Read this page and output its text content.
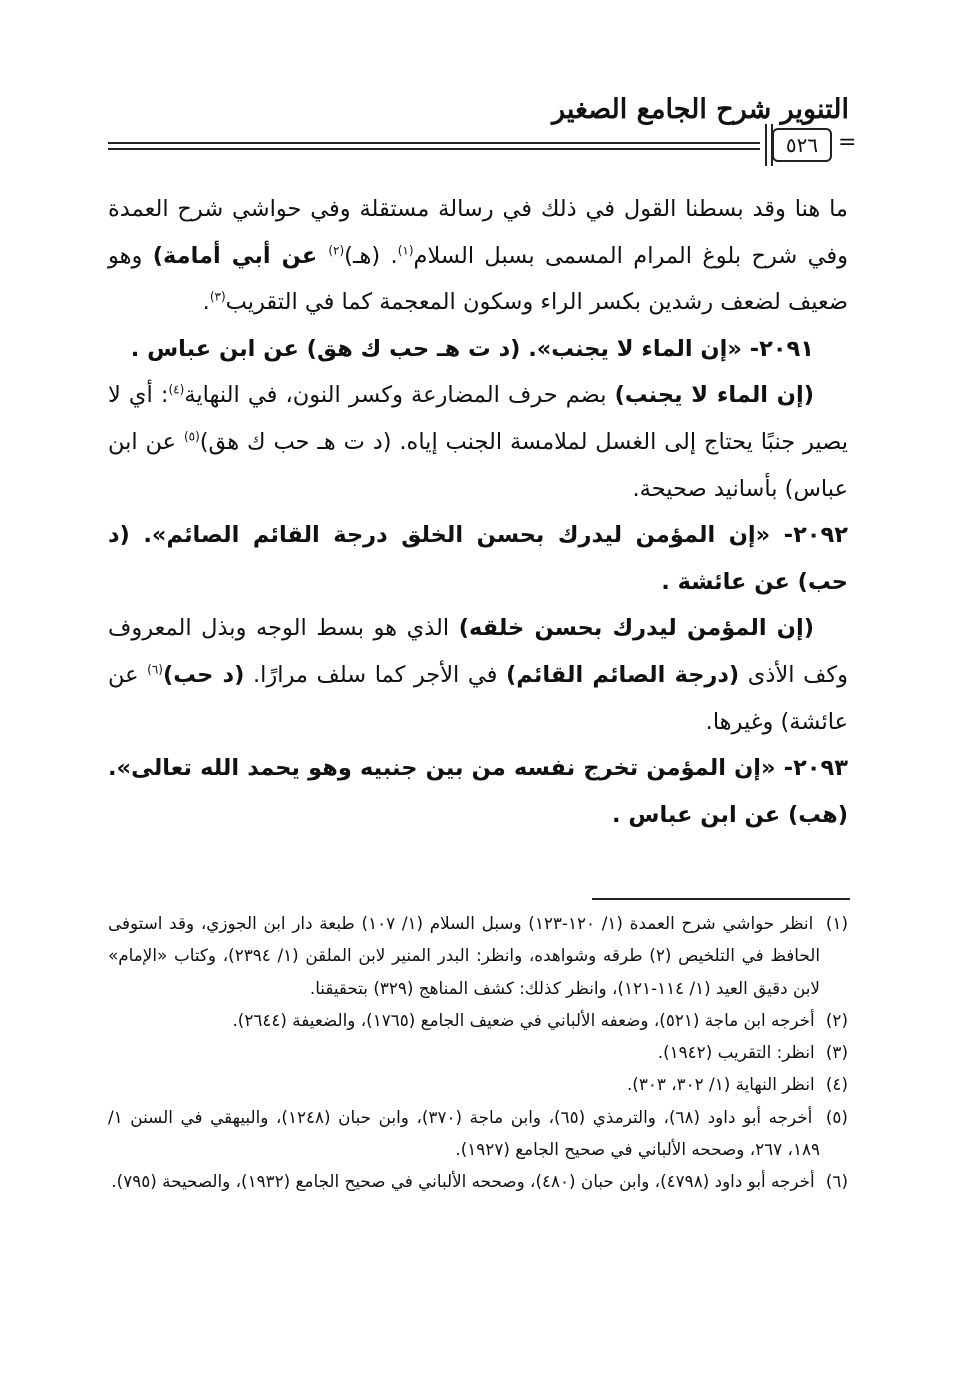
التنوير شرح الجامع الصغير
٥٢٦ =

ما هنا وقد بسطنا القول في ذلك في رسالة مستقلة وفي حواشي شرح العمدة وفي شرح بلوغ المرام المسمى بسبل السلام$^{(١)}$. (هـ)$^{(٢)}$ عن أبي أمامة) وهو ضعيف لضعف رشدين بكسر الراء وسكون المعجمة كما في التقريب$^{(٣)}$.

٢٠٩١- «إن الماء لا يجنب». (د ت هـ حب ك هق) عن ابن عباس .

(إن الماء لا يجنب) بضم حرف المضارعة وكسر النون، في النهاية$^{(٤)}$: أي لا يصير جنبًا يحتاج إلى الغسل لملامسة الجنب إياه. (د ت هـ حب ك هق)$^{(٥)}$ عن ابن عباس) بأسانيد صحيحة.

٢٠٩٢- «إن المؤمن ليدرك بحسن الخلق درجة القائم الصائم». (د حب) عن عائشة .

(إن المؤمن ليدرك بحسن خلقه) الذي هو بسط الوجه وبذل المعروف وكف الأذى (درجة الصائم القائم) في الأجر كما سلف مرارًا. (د حب)$^{(٦)}$ عن عائشة) وغيرها.

٢٠٩٣- «إن المؤمن تخرج نفسه من بين جنبيه وهو يحمد الله تعالى». (هب) عن ابن عباس .

(١) انظر حواشي شرح العمدة (١/ ١٢٠-١٢٣) وسبل السلام (١/ ١٠٧) طبعة دار ابن الجوزي، وقد استوفى الحافظ في التلخيص (٢) طرقه وشواهده، وانظر: البدر المنير لابن الملقن (١/ ٢٣٩٤)، وكتاب «الإمام» لابن دقيق العيد (١/ ١١٤-١٢١)، وانظر كذلك: كشف المناهج (٣٢٩) بتحقيقنا.

(٢) أخرجه ابن ماجة (٥٢١)، وضعفه الألباني في ضعيف الجامع (١٧٦٥)، والضعيفة (٢٦٤٤).

(٣) انظر: التقريب (١٩٤٢).

(٤) انظر النهاية (١/ ٣٠٢، ٣٠٣).

(٥) أخرجه أبو داود (٦٨)، والترمذي (٦٥)، وابن ماجة (٣٧٠)، وابن حبان (١٢٤٨)، والبيهقي في السنن ١/ ١٨٩، ٢٦٧، وصححه الألباني في صحيح الجامع (١٩٢٧).

(٦) أخرجه أبو داود (٤٧٩٨)، وابن حبان (٤٨٠)، وصححه الألباني في صحيح الجامع (١٩٣٢)، والصحيحة (٧٩٥).
